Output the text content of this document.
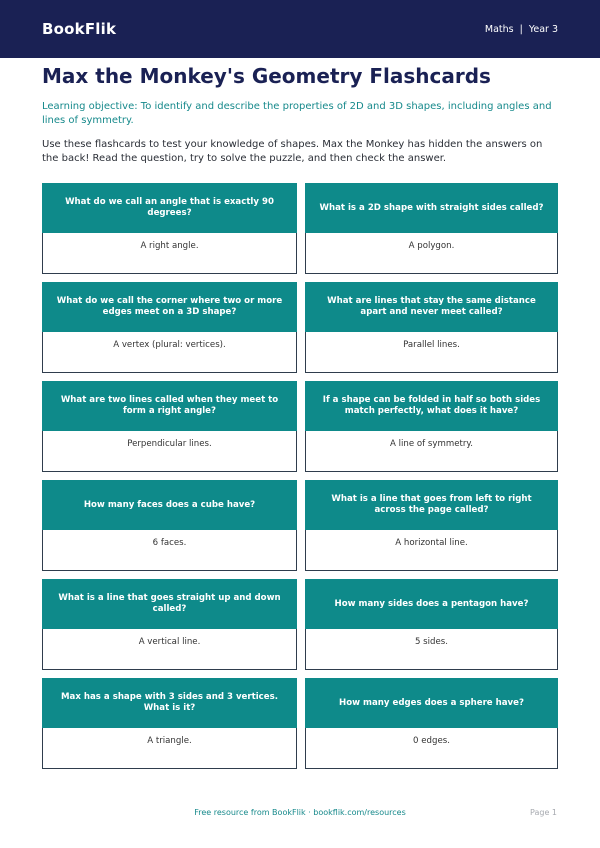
BookFlik	Maths | Year 3
Max the Monkey's Geometry Flashcards

Learning objective: To identify and describe the properties of 2D and 3D shapes, including angles and lines of symmetry.

Use these flashcards to test your knowledge of shapes. Max the Monkey has hidden the answers on the back! Read the question, try to solve the puzzle, and then check the answer.

What do we call an angle that is exactly 90 degrees?
A right angle.
What is a 2D shape with straight sides called?
A polygon.
What do we call the corner where two or more edges meet on a 3D shape?
A vertex (plural: vertices).
What are lines that stay the same distance apart and never meet called?
Parallel lines.
What are two lines called when they meet to form a right angle?
Perpendicular lines.
If a shape can be folded in half so both sides match perfectly, what does it have?
A line of symmetry.
How many faces does a cube have?
6 faces.
What is a line that goes from left to right across the page called?
A horizontal line.
What is a line that goes straight up and down called?
A vertical line.
How many sides does a pentagon have?
5 sides.
Max has a shape with 3 sides and 3 vertices. What is it?
A triangle.
How many edges does a sphere have?
0 edges.
Free resource from BookFlik · bookflik.com/resources	Page 1
